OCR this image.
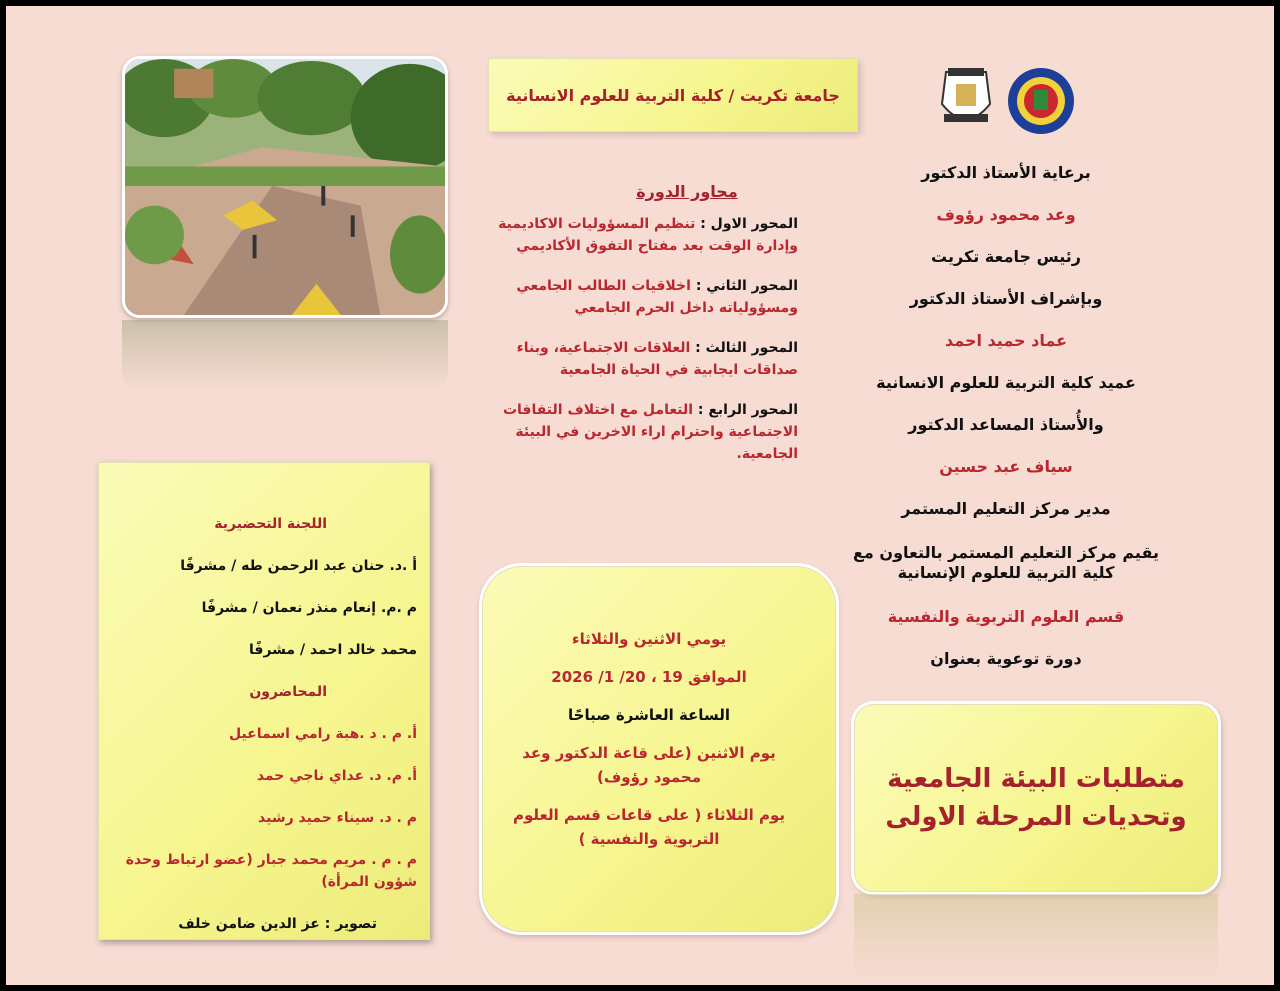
جامعة تكريت / كلية التربية للعلوم الانسانية
برعاية الأستاذ الدكتور
وعد محمود رؤوف
رئيس جامعة تكريت
وبإشراف الأستاذ الدكتور
عماد حميد احمد
عميد كلية التربية للعلوم الانسانية
والأُستاذ المساعد الدكتور
سياف عبد حسين
مدير مركز التعليم المستمر
يقيم مركز التعليم المستمر بالتعاون مع كلية التربية للعلوم الإنسانية
قسم العلوم التربوية والنفسية
دورة توعوية بعنوان
محاور الدورة
المحور الاول : تنظيم المسؤوليات الاكاديمية وإدارة الوقت بعد مفتاح التفوق الأكاديمي
المحور الثاني : اخلاقيات الطالب الجامعي ومسؤولياته داخل الحرم الجامعي
المحور الثالث : العلاقات الاجتماعية، وبناء صداقات ايجابية في الحياة الجامعية
المحور الرابع : التعامل مع اختلاف التفافات الاجتماعية واحترام اراء الاخرين في البيئة الجامعية.
اللجنة التحضيرية
أ .د. حنان عبد الرحمن طه / مشرفًا
م .م. إنعام منذر نعمان / مشرفًا
محمد خالد احمد / مشرفًا
المحاضرون
أ. م . د .هبة رامي اسماعيل
أ. م. د. عداي ناجي حمد
م . د. سيناء حميد رشيد
م . م . مريم محمد جبار (عضو ارتباط وحدة شؤون المرأة)
تصوير : عز الدين ضامن خلف
يومي الاثنين والثلاثاء
الموافق 19 ، 20/ 1/ 2026
الساعة العاشرة صباحًا
يوم الاثنين (على قاعة الدكتور وعد محمود رؤوف)
يوم الثلاثاء ( على قاعات قسم العلوم التربوية والنفسية )
متطلبات البيئة الجامعية
وتحديات المرحلة الاولى
